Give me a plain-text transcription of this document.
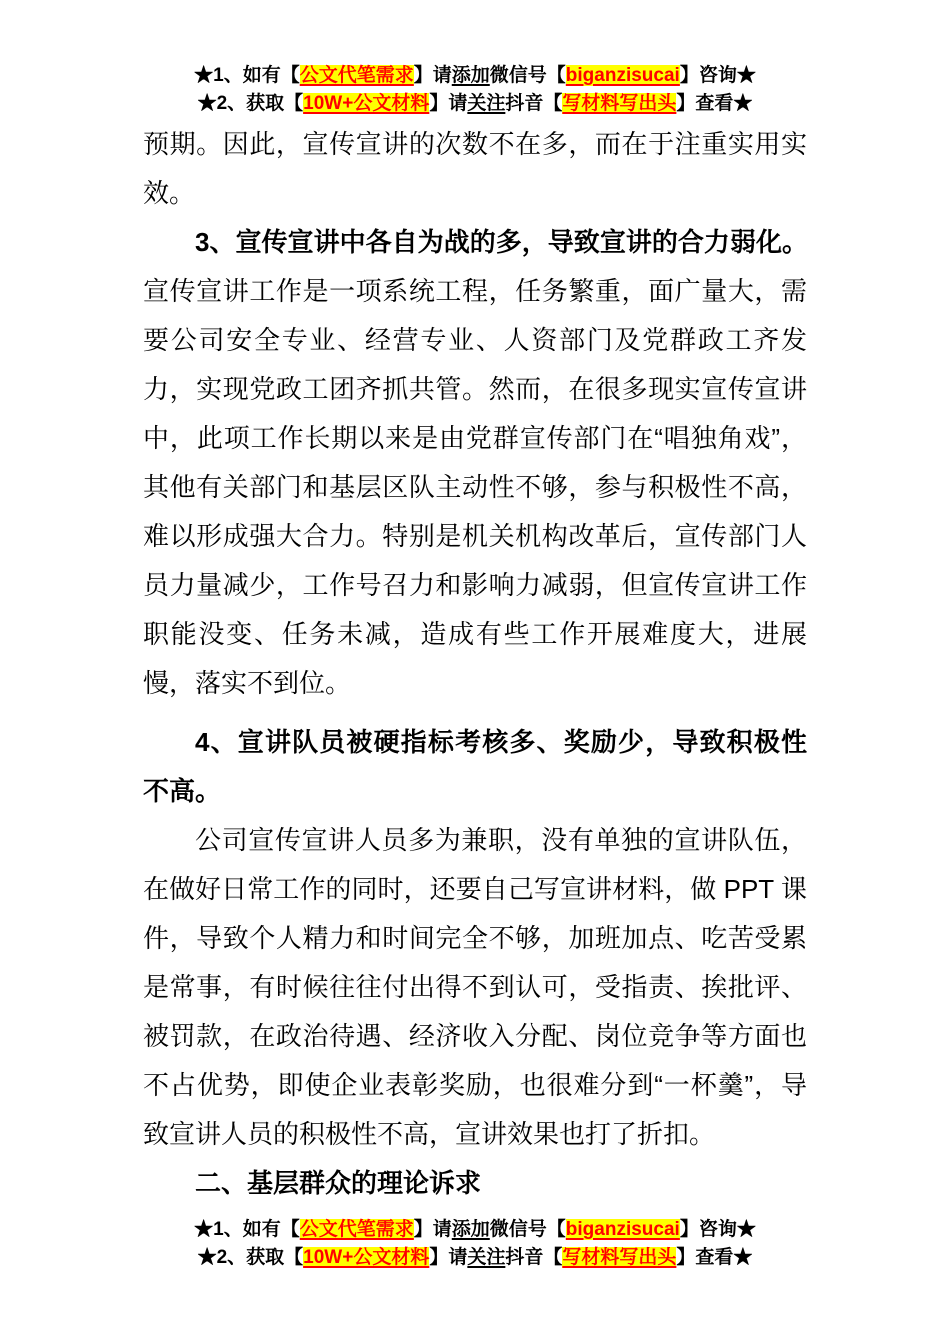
★1、如有【公文代笔需求】请添加微信号【biganzisucai】咨询★
★2、获取【10W+公文材料】请关注抖音【写材料写出头】查看★

预期。因此，宣传宣讲的次数不在多，而在于注重实用实效。

3、宣传宣讲中各自为战的多，导致宣讲的合力弱化。宣传宣讲工作是一项系统工程，任务繁重，面广量大，需要公司安全专业、经营专业、人资部门及党群政工齐发力，实现党政工团齐抓共管。然而，在很多现实宣传宣讲中，此项工作长期以来是由党群宣传部门在“唱独角戏”，其他有关部门和基层区队主动性不够，参与积极性不高，难以形成强大合力。特别是机关机构改革后，宣传部门人员力量减少，工作号召力和影响力减弱，但宣传宣讲工作职能没变、任务未减，造成有些工作开展难度大，进展慢，落实不到位。

4、宣讲队员被硬指标考核多、奖励少，导致积极性不高。

公司宣传宣讲人员多为兼职，没有单独的宣讲队伍，在做好日常工作的同时，还要自己写宣讲材料，做 PPT 课件，导致个人精力和时间完全不够，加班加点、吃苦受累是常事，有时候往往付出得不到认可，受指责、挨批评、被罚款，在政治待遇、经济收入分配、岗位竞争等方面也不占优势，即使企业表彰奖励，也很难分到“一杯羹”，导致宣讲人员的积极性不高，宣讲效果也打了折扣。

二、基层群众的理论诉求

★1、如有【公文代笔需求】请添加微信号【biganzisucai】咨询★
★2、获取【10W+公文材料】请关注抖音【写材料写出头】查看★
